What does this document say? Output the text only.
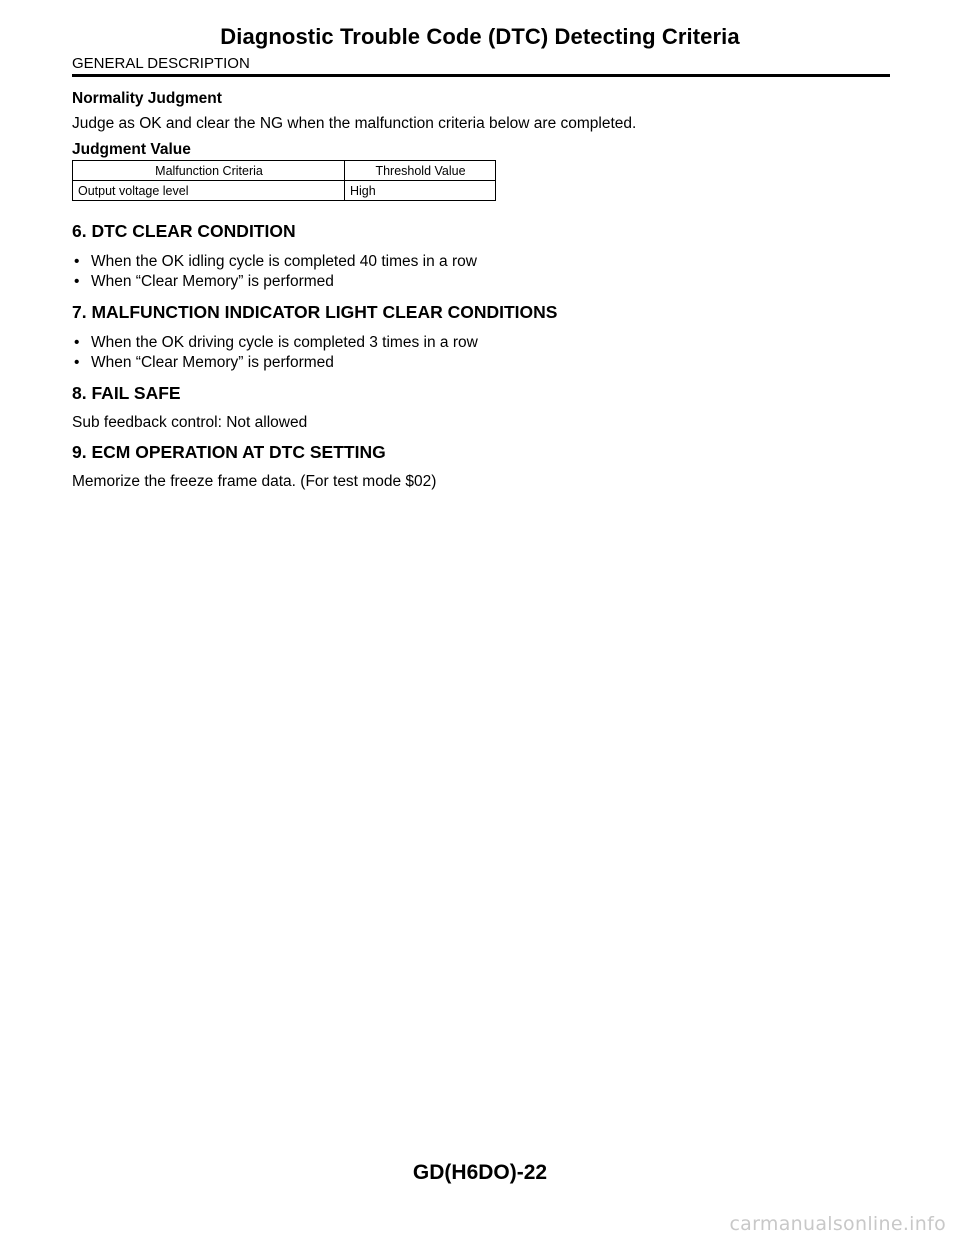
Diagnostic Trouble Code (DTC) Detecting Criteria
GENERAL DESCRIPTION

Normality Judgment

Judge as OK and clear the NG when the malfunction criteria below are completed.

Judgment Value

Malfunction Criteria	Threshold Value
Output voltage level	High

6. DTC CLEAR CONDITION

• When the OK idling cycle is completed 40 times in a row
• When “Clear Memory” is performed

7. MALFUNCTION INDICATOR LIGHT CLEAR CONDITIONS

• When the OK driving cycle is completed 3 times in a row
• When “Clear Memory” is performed

8. FAIL SAFE

Sub feedback control: Not allowed

9. ECM OPERATION AT DTC SETTING

Memorize the freeze frame data. (For test mode $02)

GD(H6DO)-22
carmanualsonline.info
